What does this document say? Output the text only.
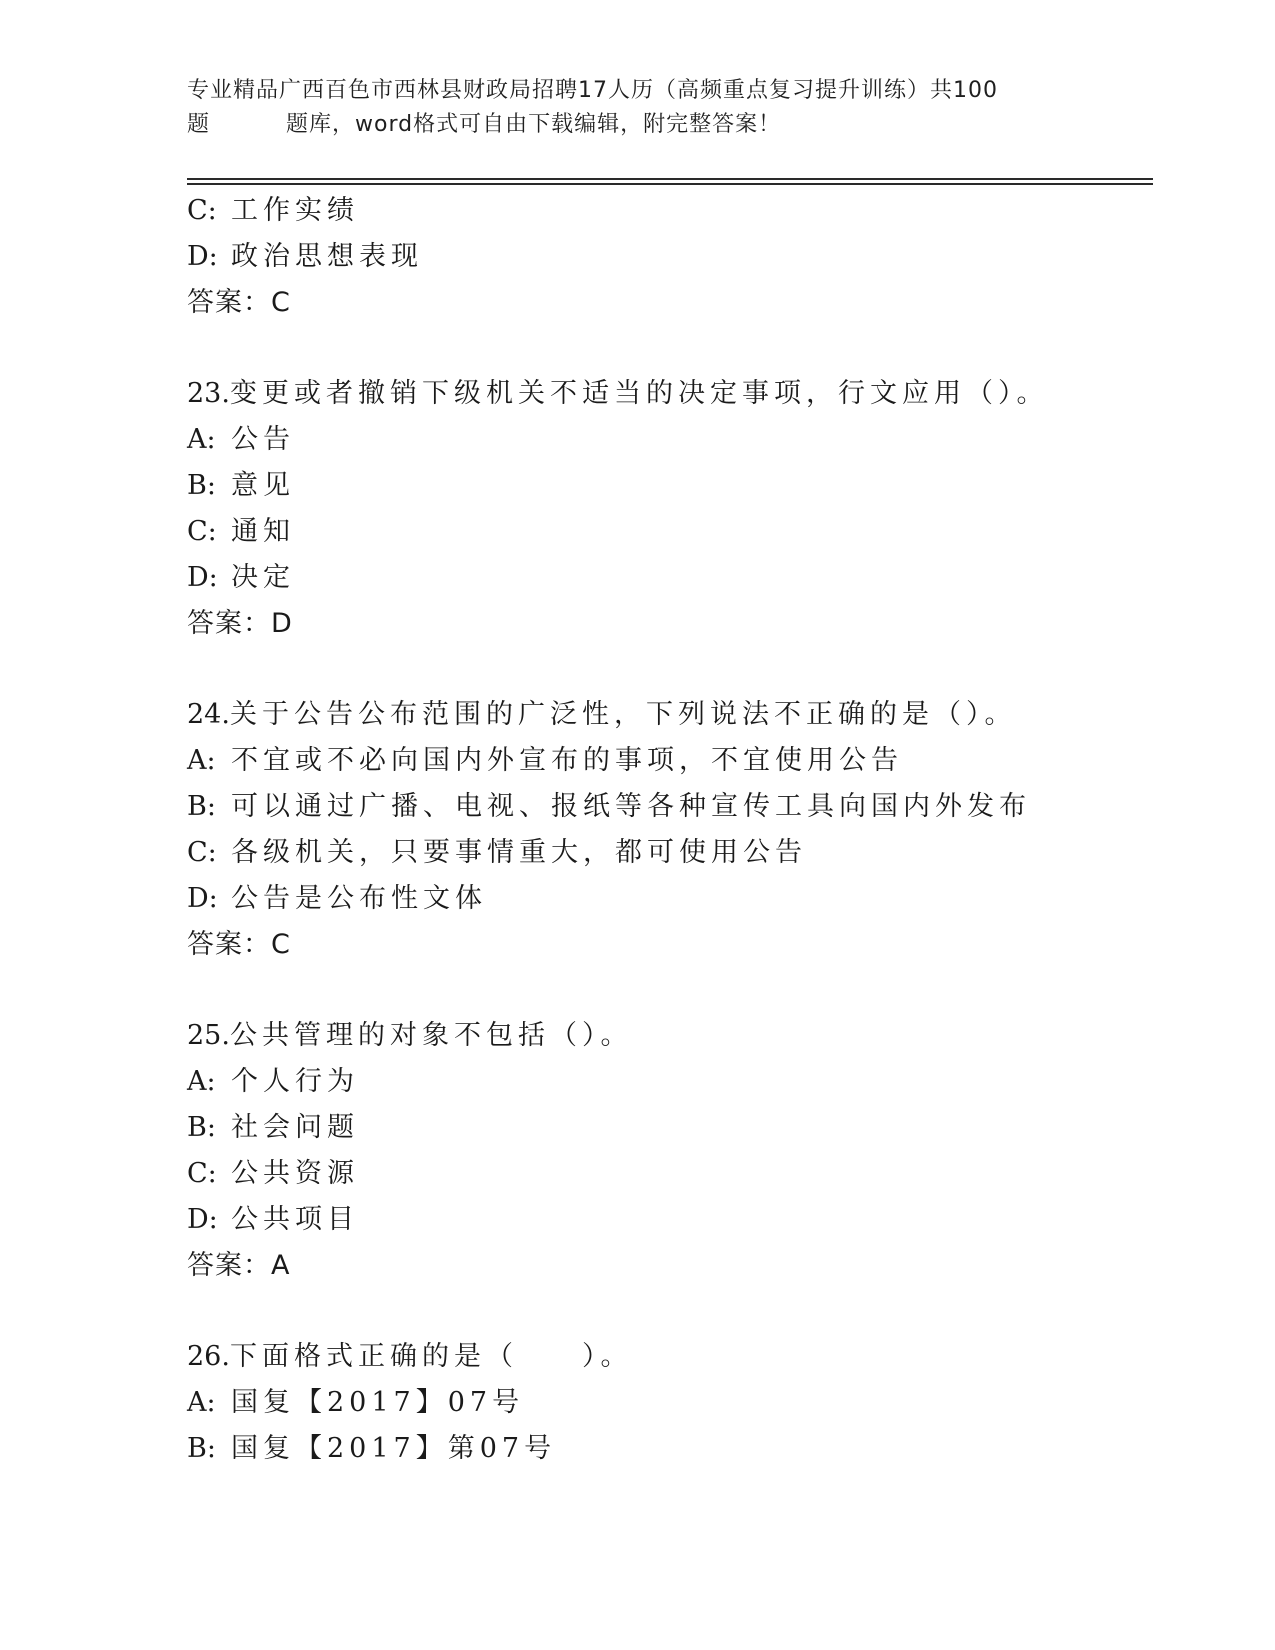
专业精品广西百色市西林县财政局招聘17人历（高频重点复习提升训练）共100
题	题库，word格式可自由下载编辑，附完整答案！
C: 工作实绩
D: 政治思想表现
答案：C
23.变更或者撤销下级机关不适当的决定事项，行文应用（）。
A: 公告
B: 意见
C: 通知
D: 决定
答案：D
24.关于公告公布范围的广泛性，下列说法不正确的是（）。
A: 不宜或不必向国内外宣布的事项，不宜使用公告
B: 可以通过广播、电视、报纸等各种宣传工具向国内外发布
C: 各级机关，只要事情重大，都可使用公告
D: 公告是公布性文体
答案：C
25.公共管理的对象不包括（）。
A: 个人行为
B: 社会问题
C: 公共资源
D: 公共项目
答案：A
26.下面格式正确的是（　　）。
A: 国复【2017】07号
B: 国复【2017】第07号
